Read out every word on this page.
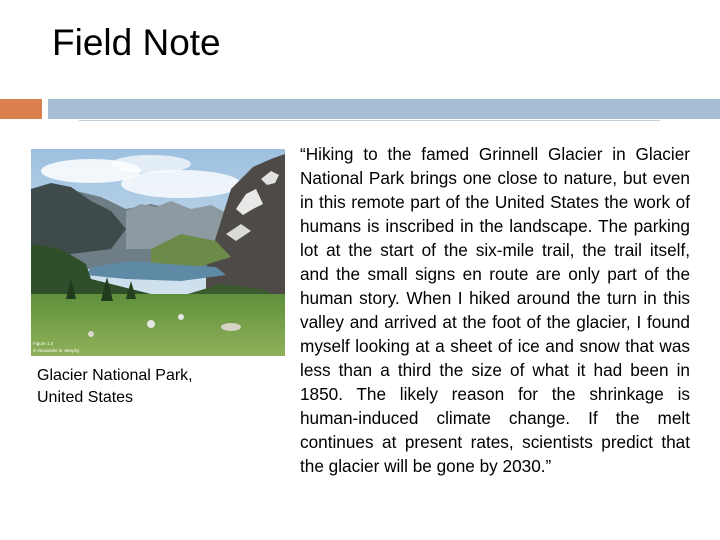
Field Note
Figure 1.0
© Alexander B. Murphy
Glacier National Park,
United States
“Hiking to the famed Grinnell Glacier in Glacier National Park brings one close to nature, but even in this remote part of the United States the work of humans is inscribed in the landscape. The parking lot at the start of the six-mile trail, the trail itself, and the small signs en route are only part of the human story. When I hiked around the turn in this valley and arrived at the foot of the glacier, I found myself looking at a sheet of ice and snow that was less than a third the size of what it had been in 1850. The likely reason for the shrinkage is human-induced climate change. If the melt continues at present rates, scientists predict that the glacier will be gone by 2030.”
